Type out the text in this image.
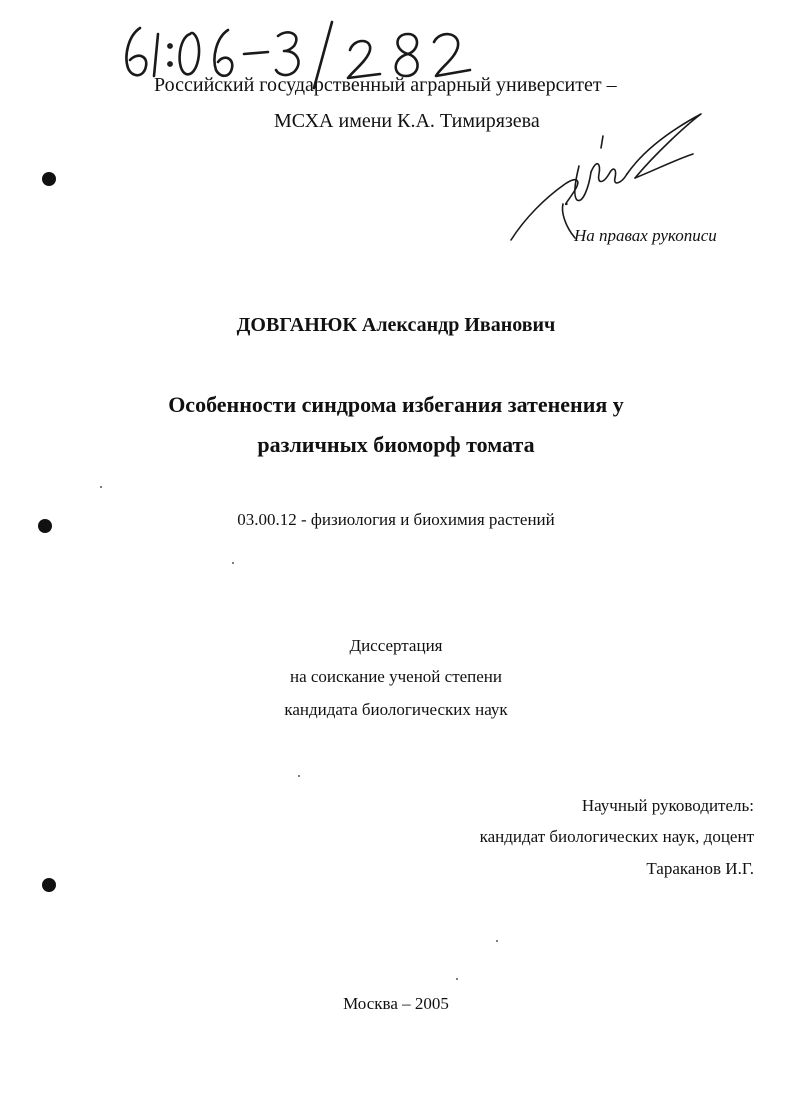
Российский государственный аграрный университет –
МСХА имени К.А. Тимирязева
На правах рукописи
ДОВГАНЮК Александр Иванович
Особенности синдрома избегания затенения у
различных биоморф томата
03.00.12 - физиология и биохимия растений
Диссертация
на соискание ученой степени
кандидата биологических наук
Научный руководитель:
кандидат биологических наук, доцент
Тараканов И.Г.
Москва – 2005
